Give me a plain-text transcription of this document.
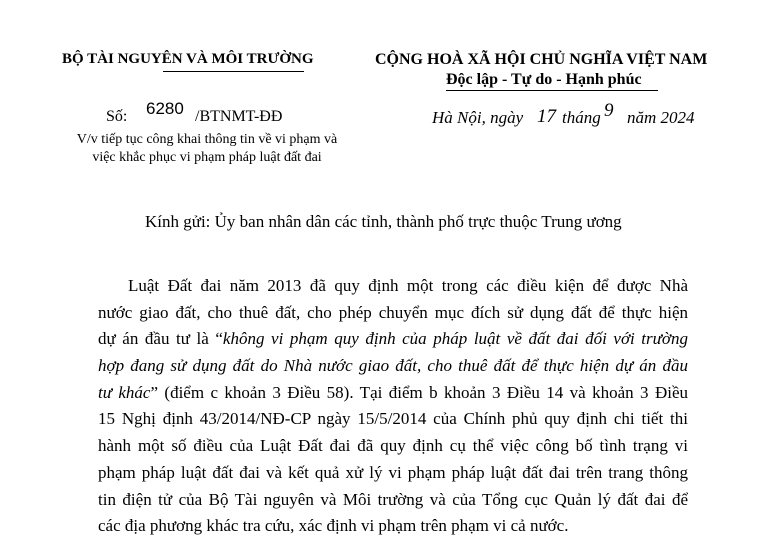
BỘ TÀI NGUYÊN VÀ MÔI TRƯỜNG	CỘNG HOÀ XÃ HỘI CHỦ NGHĨA VIỆT NAM
Độc lập - Tự do - Hạnh phúc
Số: 6280 /BTNMT-ĐĐ	Hà Nội, ngày 17 tháng 9 năm 2024
V/v tiếp tục công khai thông tin về vi phạm và
việc khắc phục vi phạm pháp luật đất đai
Kính gửi: Ủy ban nhân dân các tỉnh, thành phố trực thuộc Trung ương
Luật Đất đai năm 2013 đã quy định một trong các điều kiện để được Nhà
nước giao đất, cho thuê đất, cho phép chuyển mục đích sử dụng đất để thực hiện
dự án đầu tư là “không vi phạm quy định của pháp luật về đất đai đối với trường
hợp đang sử dụng đất do Nhà nước giao đất, cho thuê đất để thực hiện dự án đầu
tư khác” (điểm c khoản 3 Điều 58). Tại điểm b khoản 3 Điều 14 và khoản 3 Điều
15 Nghị định 43/2014/NĐ-CP ngày 15/5/2014 của Chính phủ quy định chi tiết thi
hành một số điều của Luật Đất đai đã quy định cụ thể việc công bố tình trạng vi
phạm pháp luật đất đai và kết quả xử lý vi phạm pháp luật đất đai trên trang thông
tin điện tử của Bộ Tài nguyên và Môi trường và của Tổng cục Quản lý đất đai để
các địa phương khác tra cứu, xác định vi phạm trên phạm vi cả nước.
